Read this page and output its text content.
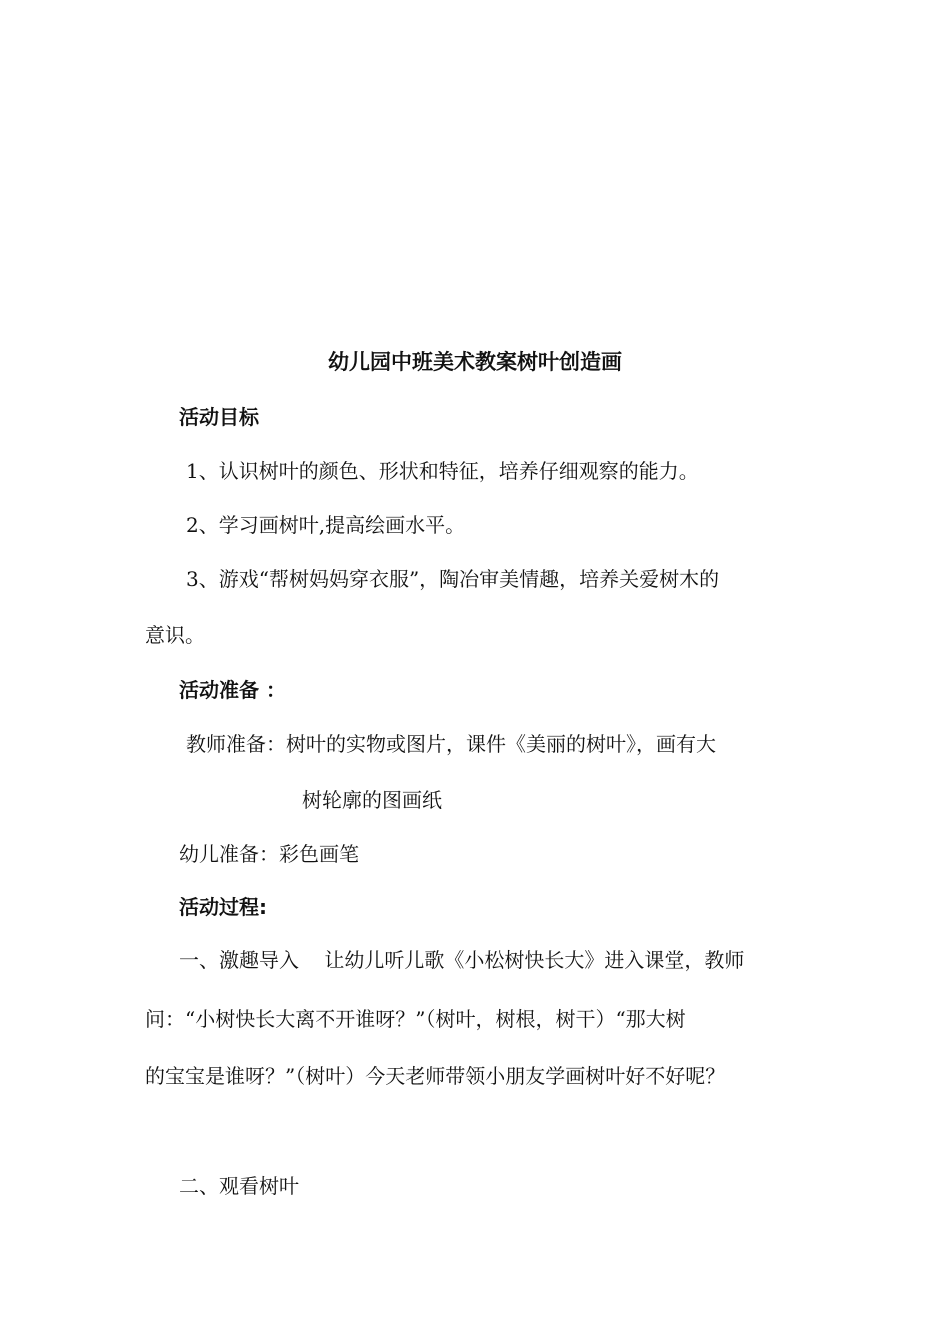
幼儿园中班美术教案树叶创造画
活动目标
1、认识树叶的颜色、形状和特征，培养仔细观察的能力。
2、学习画树叶,提高绘画水平。
3、游戏“帮树妈妈穿衣服”，陶冶审美情趣，培养关爱树木的
意识。
活动准备 ：
教师准备：树叶的实物或图片，课件《美丽的树叶》，画有大
树轮廓的图画纸
幼儿准备：彩色画笔
活动过程:
一、激趣导入    让幼儿听儿歌《小松树快长大》进入课堂，教师
问：“小树快长大离不开谁呀？”（树叶，树根，树干）“那大树
的宝宝是谁呀？”（树叶）今天老师带领小朋友学画树叶好不好呢？
二、观看树叶
